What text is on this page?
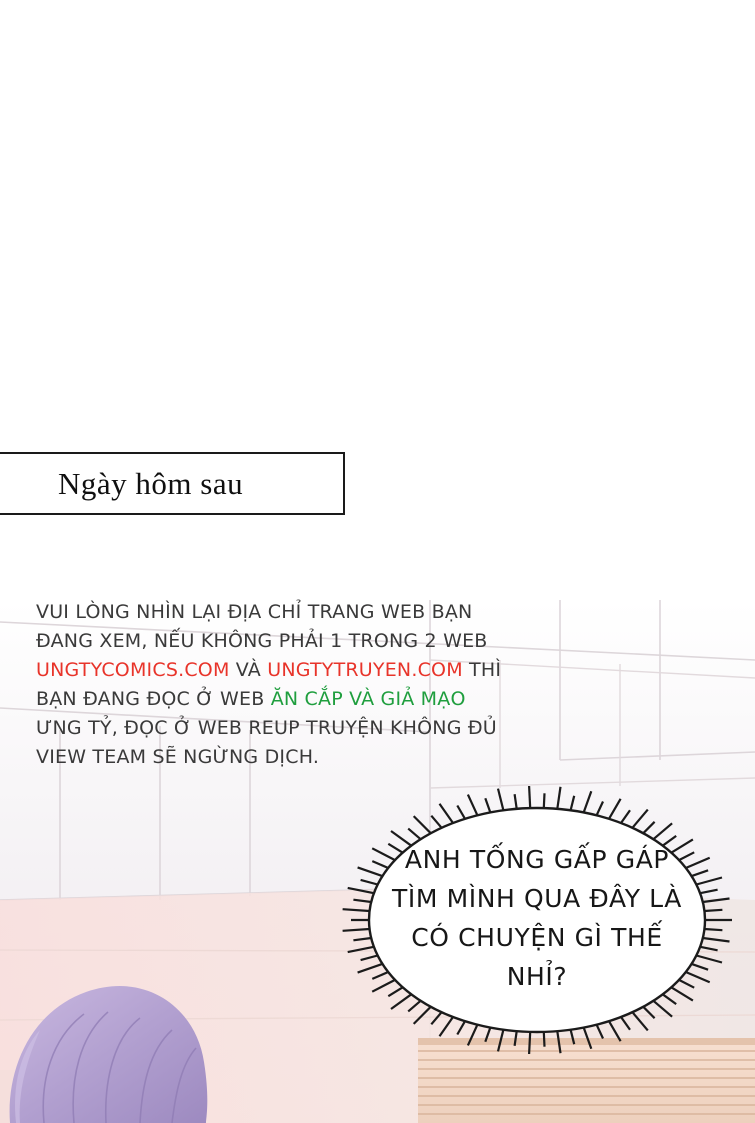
Ngày hôm sau
VUI LÒNG NHÌN LẠI ĐỊA CHỈ TRANG WEB BẠN
ĐANG XEM, NẾU KHÔNG PHẢI 1 TRONG 2 WEB
UNGTYCOMICS.COM VÀ UNGTYTRUYEN.COM THÌ
BẠN ĐANG ĐỌC Ở WEB ĂN CẮP VÀ GIẢ MẠO
ƯNG TỶ, ĐỌC Ở WEB REUP TRUYỆN KHÔNG ĐỦ
VIEW TEAM SẼ NGỪNG DỊCH.
ANH TỐNG GẤP GÁP
TÌM MÌNH QUA ĐÂY LÀ
CÓ CHUYỆN GÌ THẾ
NHỈ?
